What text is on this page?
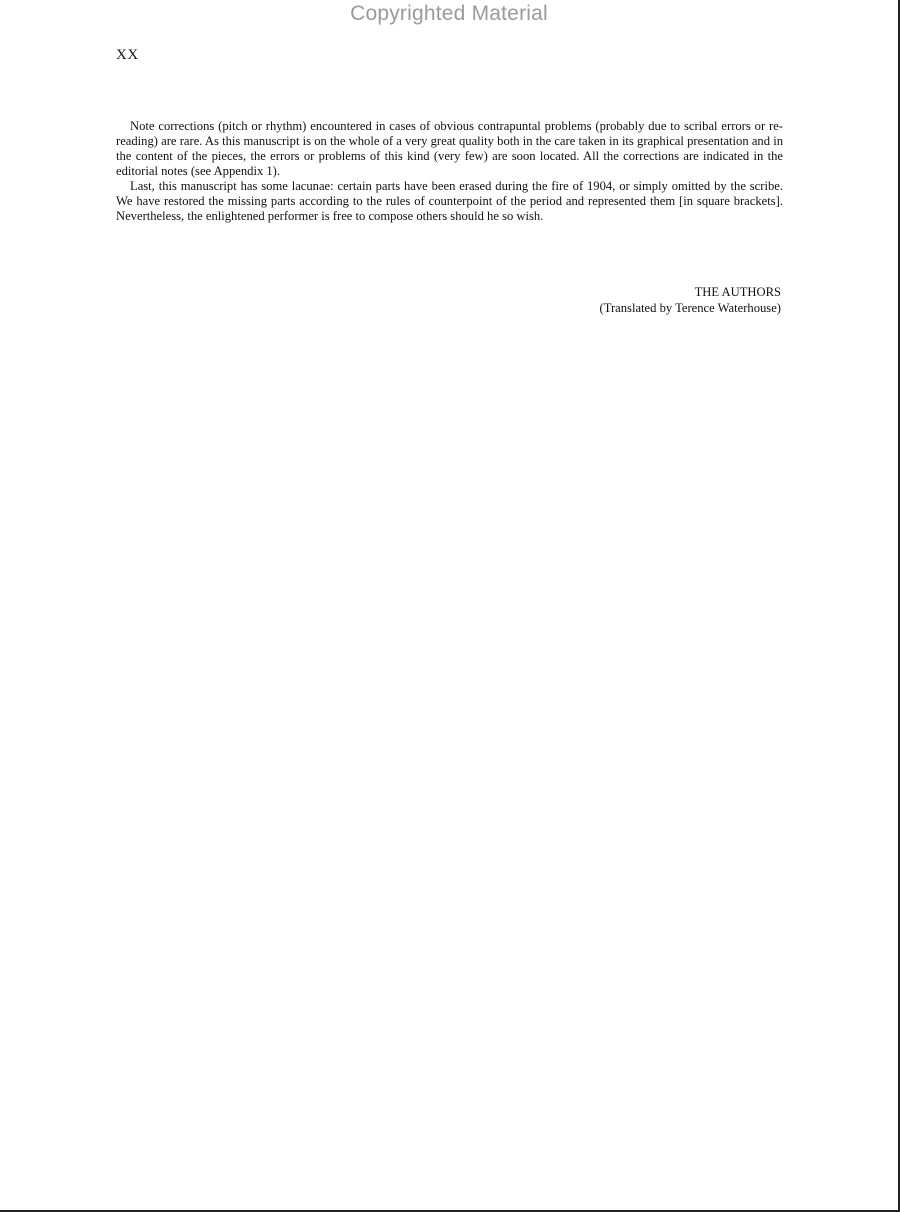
Copyrighted Material
XX

Note corrections (pitch or rhythm) encountered in cases of obvious contrapuntal problems (probably due to scribal errors or re-reading) are rare. As this manuscript is on the whole of a very great quality both in the care taken in its graphical presentation and in the content of the pieces, the errors or problems of this kind (very few) are soon located. All the corrections are indicated in the editorial notes (see Appendix 1).

Last, this manuscript has some lacunae: certain parts have been erased during the fire of 1904, or simply omitted by the scribe. We have restored the missing parts according to the rules of counterpoint of the period and represented them [in square brackets]. Nevertheless, the enlightened performer is free to compose others should he so wish.

THE AUTHORS
(Translated by Terence Waterhouse)
